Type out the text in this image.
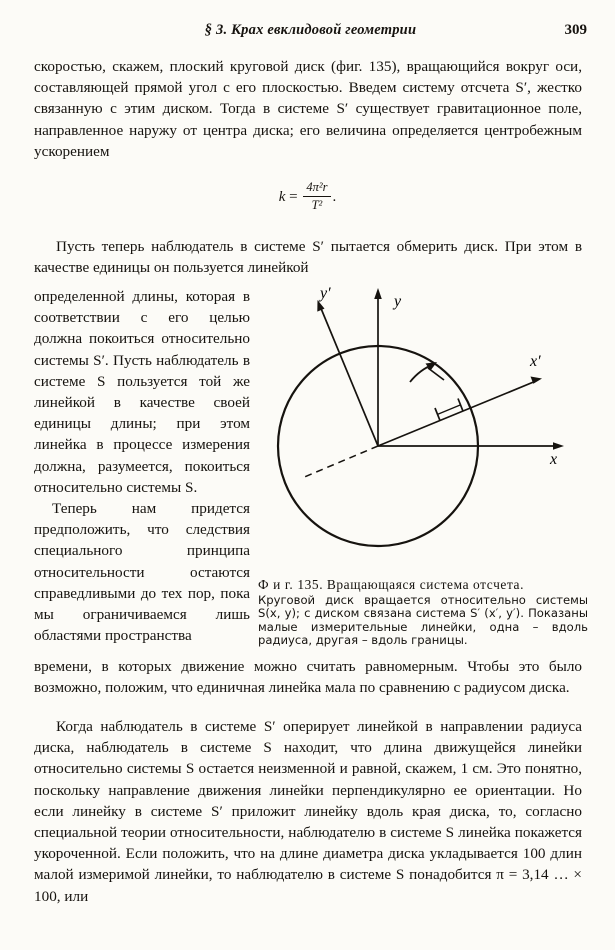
§ 3. Крах евклидовой геометрии	309
скоростью, скажем, плоский круговой диск (фиг. 135), вращающийся вокруг оси, составляющей прямой угол с его плоскостью. Введем систему отсчета S′, жестко связанную с этим диском. Тогда в системе S′ существует гравитационное поле, направленное наружу от центра диска; его величина определяется центробежным ускорением
$k = \frac{\text{4π²r}}{\text{T²}}$ .
Пусть теперь наблюдатель в системе S′ пытается обмерить диск. При этом в качестве единицы он пользуется линейкой

определенной длины, которая в соответствии с его целью должна покоиться относительно системы S′. Пусть наблюдатель в системе S пользуется той же линейкой в качестве своей единицы длины; при этом линейка в процессе измерения должна, разумеется, покоиться относительно системы S.

Теперь нам придется предположить, что следствия специального принципа относительности остаются справедливыми до тех пор, пока мы ограничиваемся лишь областями пространства

y
x
y′
x′
Ф и г. 135. Вращающаяся система отсчета.
Круговой диск вращается относительно системы S(x, y); с диском связана система S′ (x′, y′). Показаны малые измерительные линейки, одна – вдоль радиуса, другая – вдоль границы.
времени, в которых движение можно считать равномерным. Чтобы это было возможно, положим, что единичная линейка мала по сравнению с радиусом диска.
Когда наблюдатель в системе S′ оперирует линейкой в направлении радиуса диска, наблюдатель в системе S находит, что длина движущейся линейки относительно системы S остается неизменной и равной, скажем, 1 см. Это понятно, поскольку направление движения линейки перпендикулярно ее ориентации. Но если линейку в системе S′ приложит линейку вдоль края диска, то, согласно специальной теории относительности, наблюдателю в системе S линейка покажется укороченной. Если положить, что на длине диаметра диска укладывается 100 длин малой измеримой линейки, то наблюдателю в системе S понадобится π = 3,14 … × 100, или
